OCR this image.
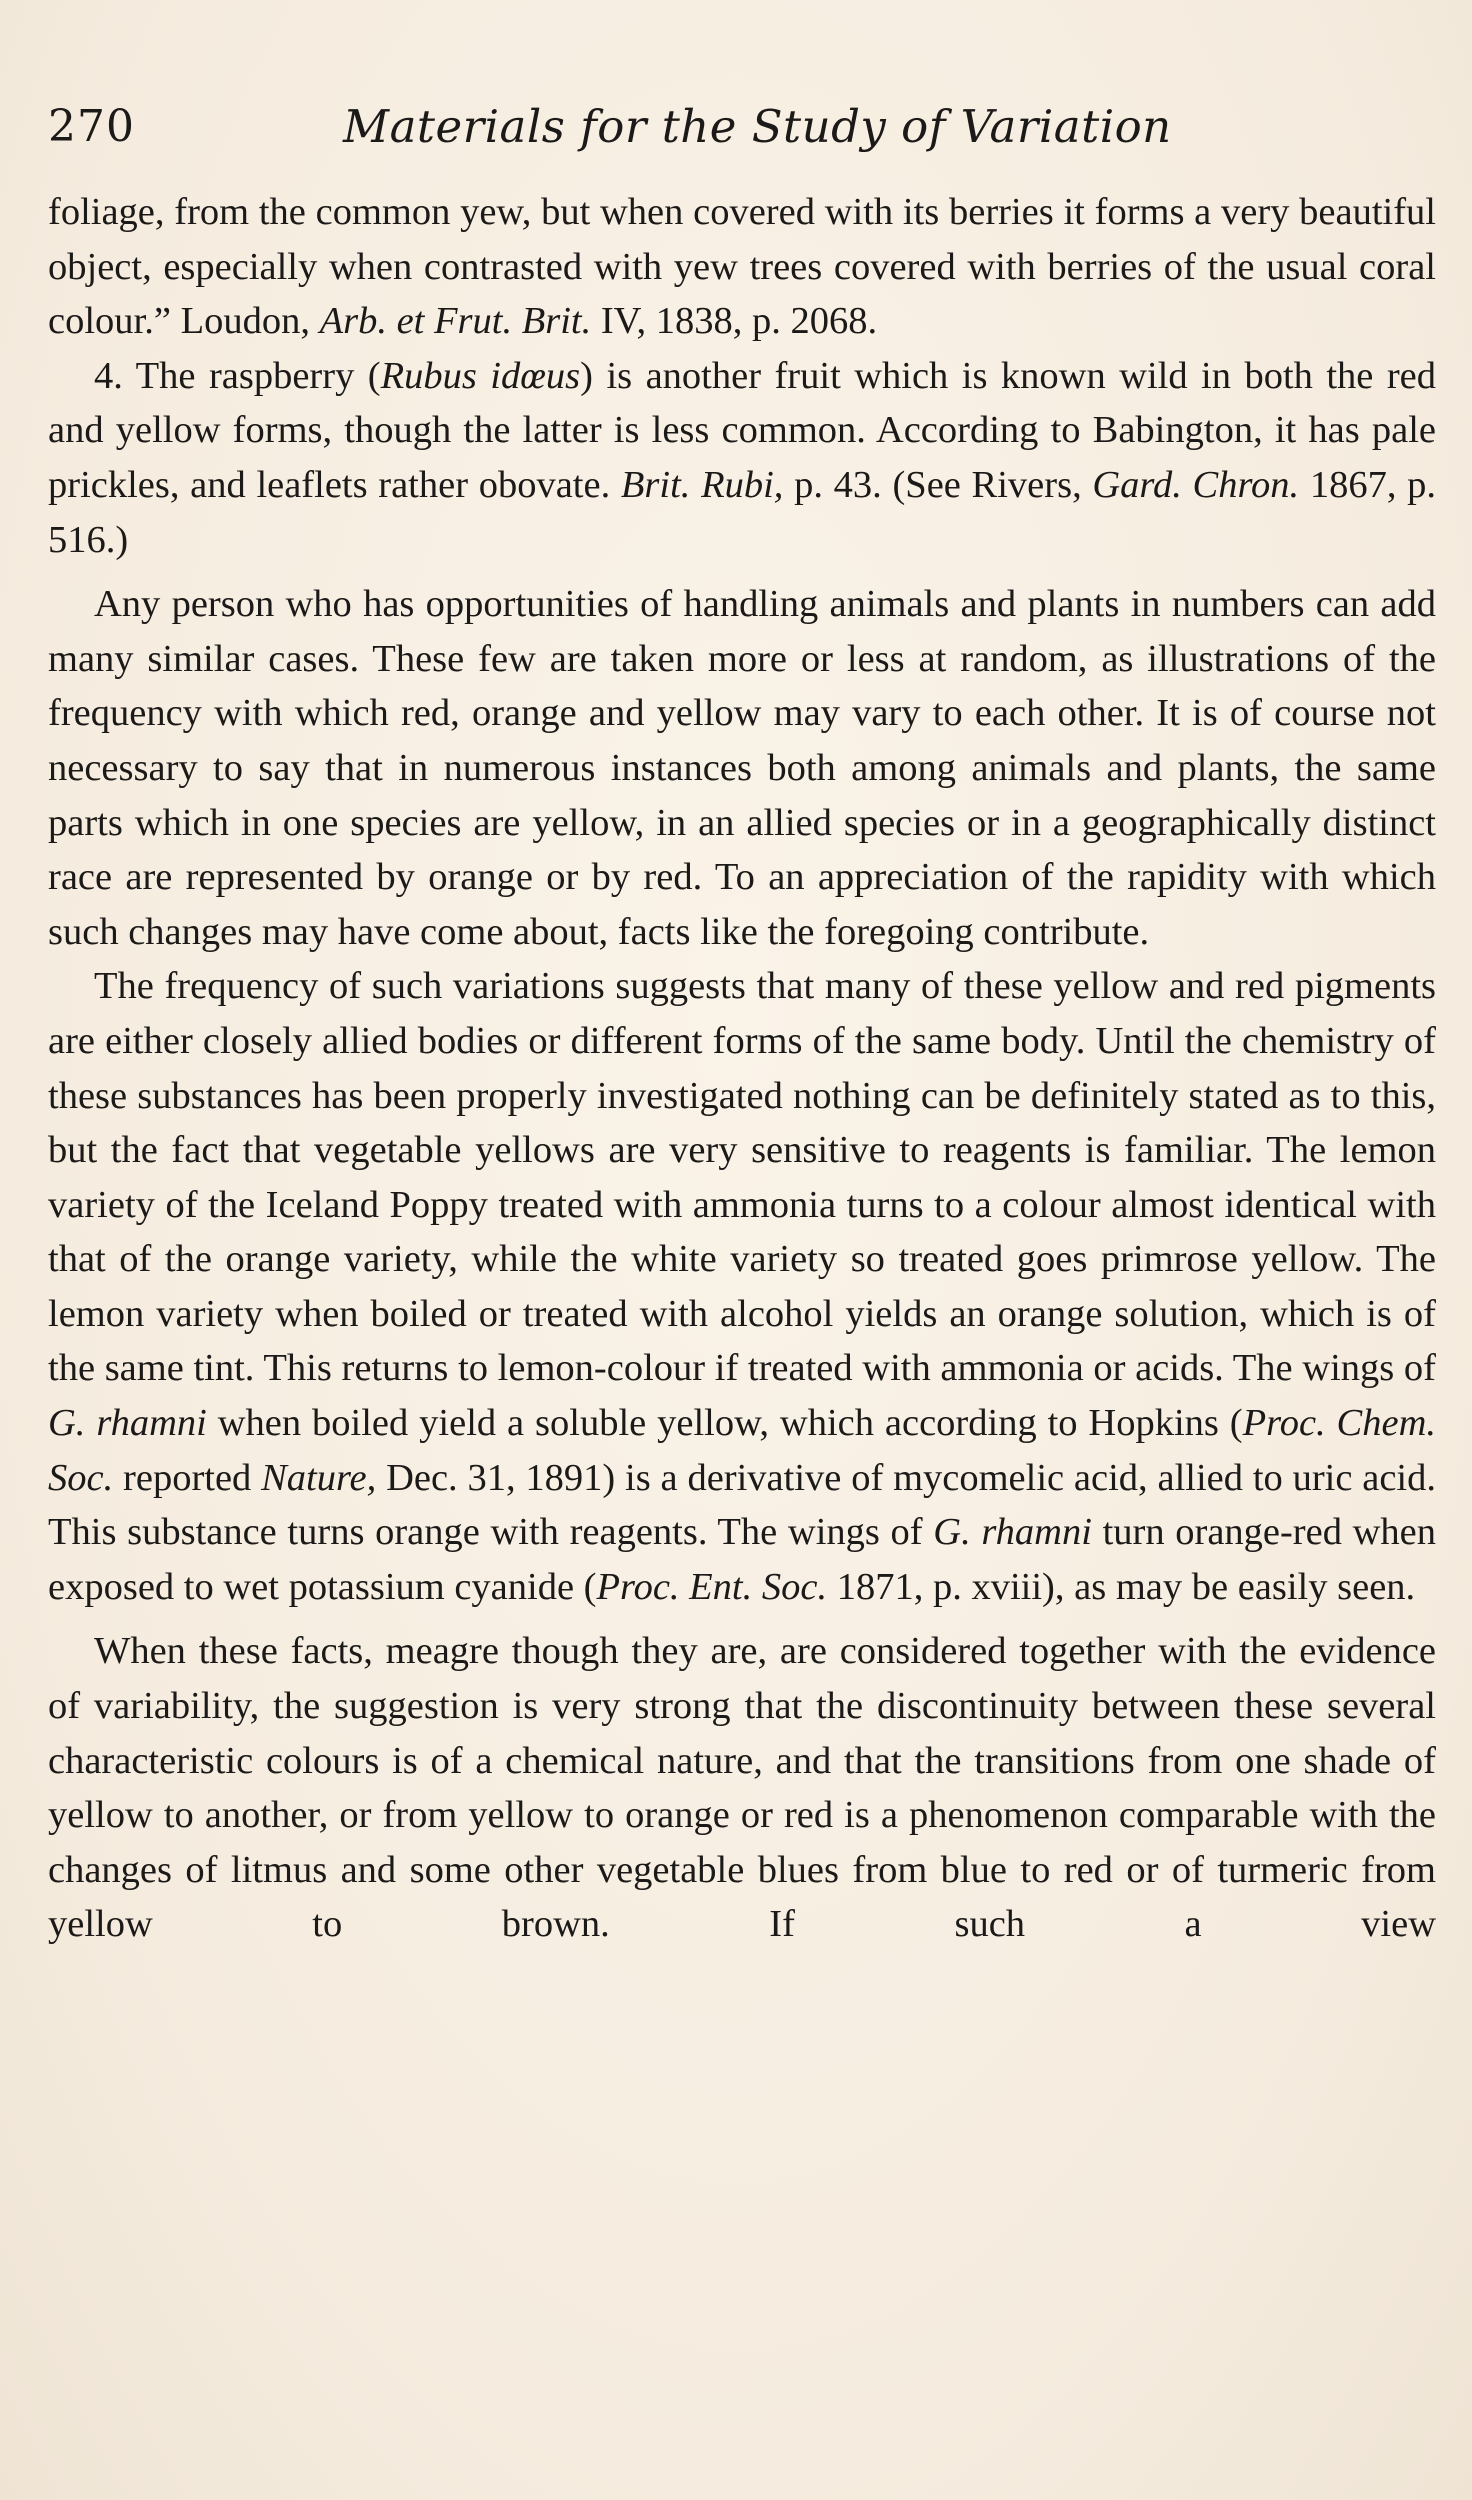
270	Materials for the Study of Variation

foliage, from the common yew, but when covered with its berries it forms a very beautiful object, especially when contrasted with yew trees covered with berries of the usual coral colour.” Loudon, Arb. et Frut. Brit. IV, 1838, p. 2068.

4. The raspberry (Rubus idœus) is another fruit which is known wild in both the red and yellow forms, though the latter is less common. According to Babington, it has pale prickles, and leaflets rather obovate. Brit. Rubi, p. 43. (See Rivers, Gard. Chron. 1867, p. 516.)

Any person who has opportunities of handling animals and plants in numbers can add many similar cases. These few are taken more or less at random, as illustrations of the frequency with which red, orange and yellow may vary to each other. It is of course not necessary to say that in numerous instances both among animals and plants, the same parts which in one species are yellow, in an allied species or in a geographically distinct race are represented by orange or by red. To an appreciation of the rapidity with which such changes may have come about, facts like the foregoing contribute.

The frequency of such variations suggests that many of these yellow and red pigments are either closely allied bodies or different forms of the same body. Until the chemistry of these substances has been properly investigated nothing can be definitely stated as to this, but the fact that vegetable yellows are very sensitive to reagents is familiar. The lemon variety of the Iceland Poppy treated with ammonia turns to a colour almost identical with that of the orange variety, while the white variety so treated goes primrose yellow. The lemon variety when boiled or treated with alcohol yields an orange solution, which is of the same tint. This returns to lemon-colour if treated with ammonia or acids. The wings of G. rhamni when boiled yield a soluble yellow, which according to Hopkins (Proc. Chem. Soc. reported Nature, Dec. 31, 1891) is a derivative of mycomelic acid, allied to uric acid. This substance turns orange with reagents. The wings of G. rhamni turn orange-red when exposed to wet potassium cyanide (Proc. Ent. Soc. 1871, p. xviii), as may be easily seen.

When these facts, meagre though they are, are considered together with the evidence of variability, the suggestion is very strong that the discontinuity between these several characteristic colours is of a chemical nature, and that the transitions from one shade of yellow to another, or from yellow to orange or red is a phenomenon comparable with the changes of litmus and some other vegetable blues from blue to red or of turmeric from yellow to brown. If such a view
